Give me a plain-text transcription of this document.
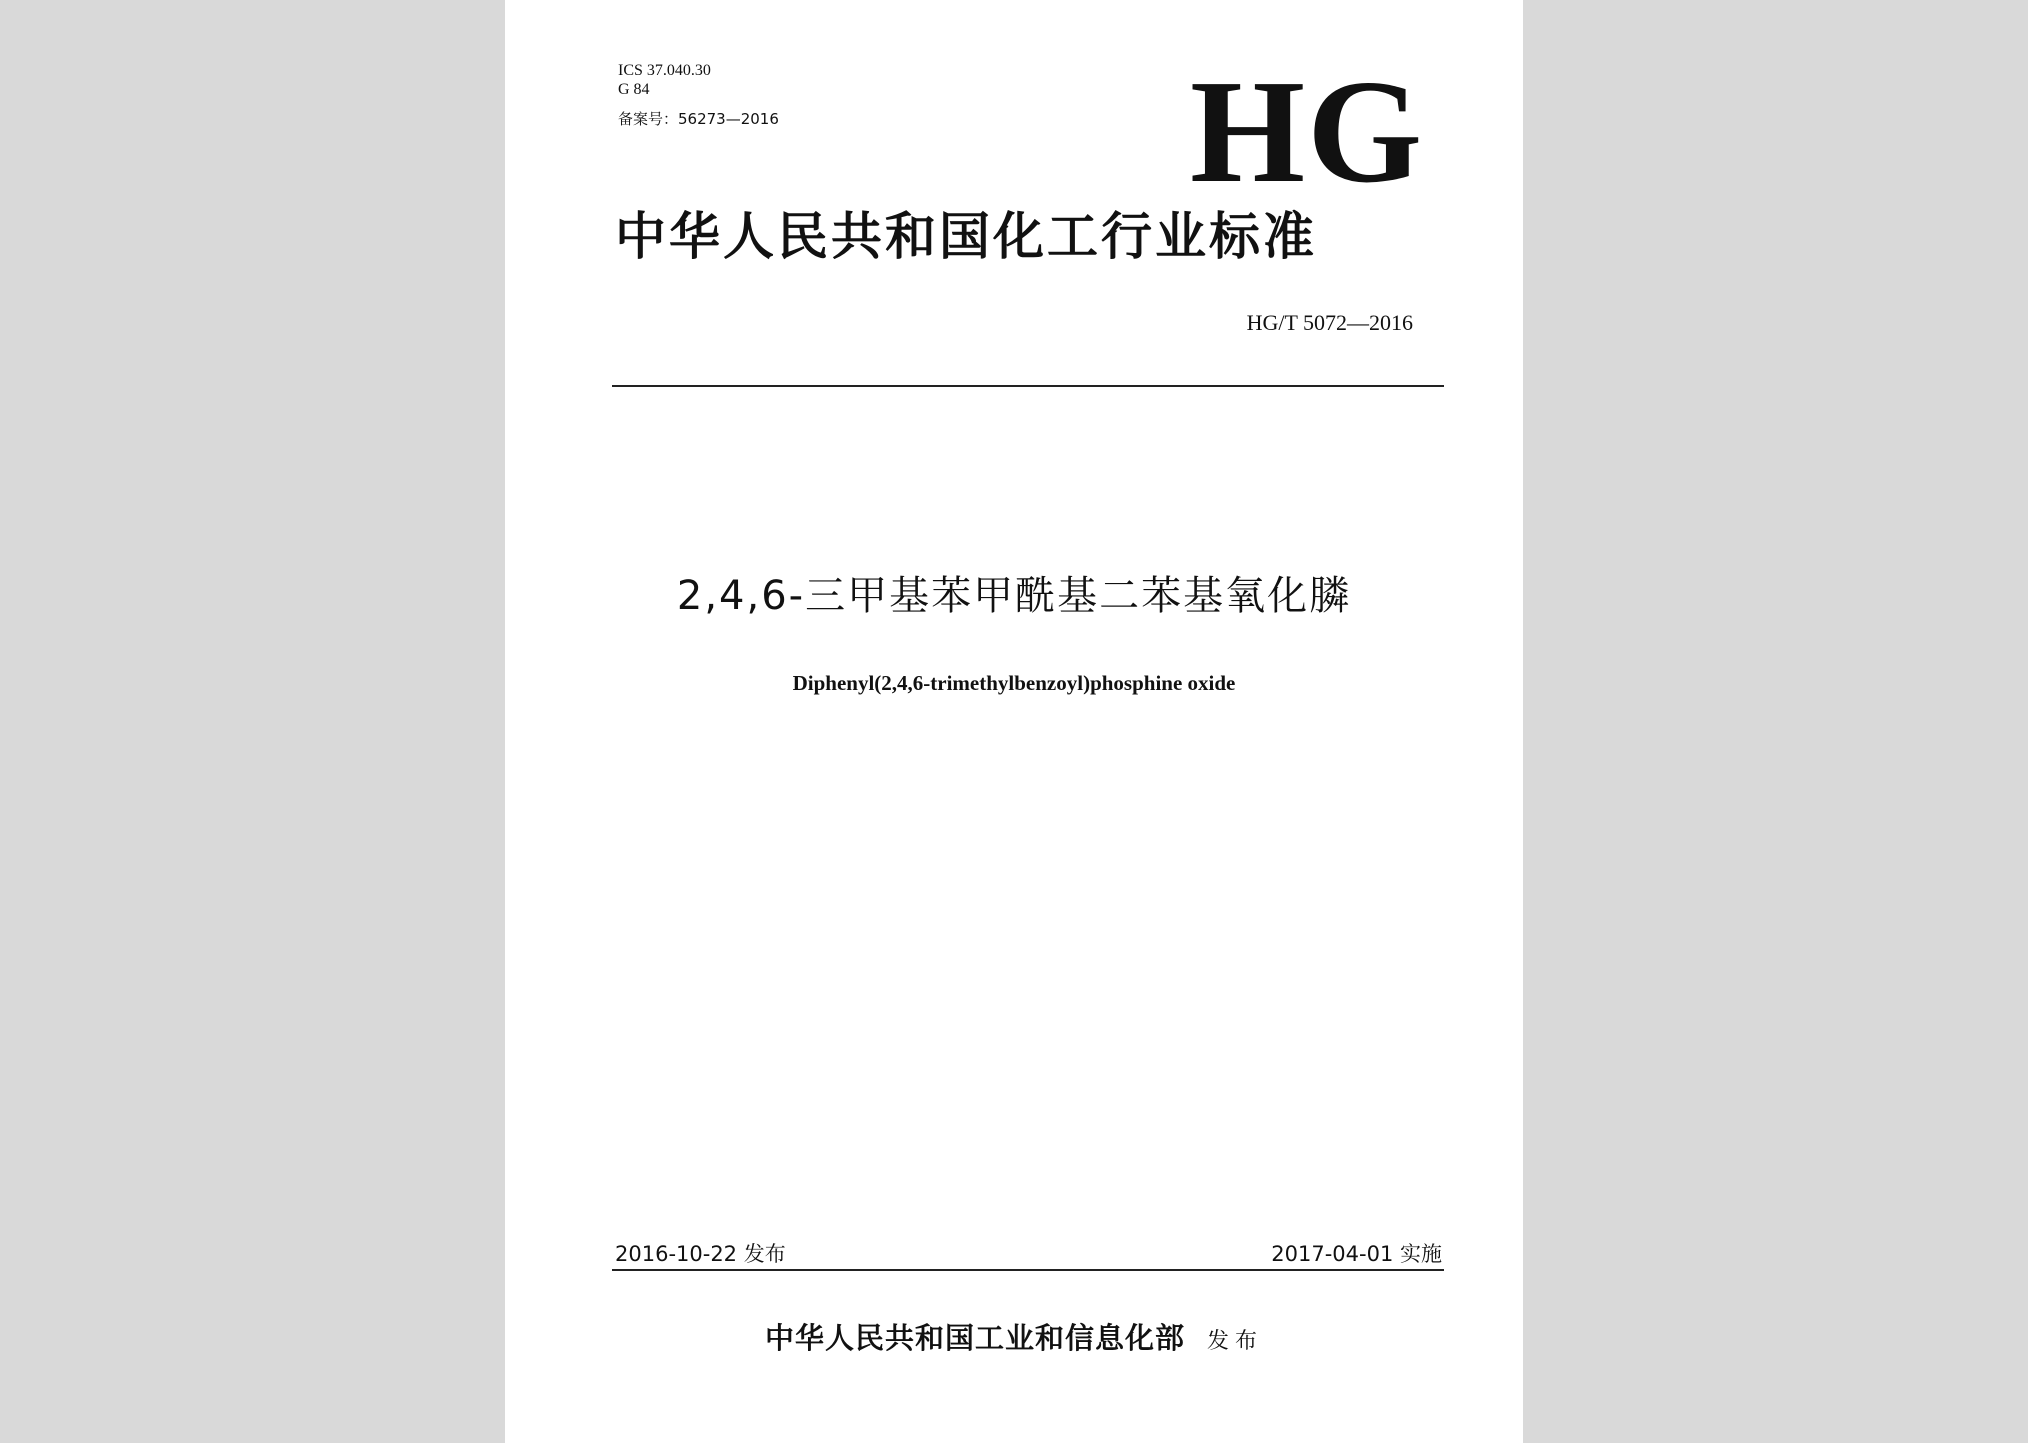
ICS 37.040.30
G 84
备案号：56273—2016	HG
中华人民共和国化工行业标准
HG/T 5072—2016
2,4,6-三甲基苯甲酰基二苯基氧化膦
Diphenyl(2,4,6-trimethylbenzoyl)phosphine oxide
2016-10-22 发布	2017-04-01 实施
中华人民共和国工业和信息化部 发布
